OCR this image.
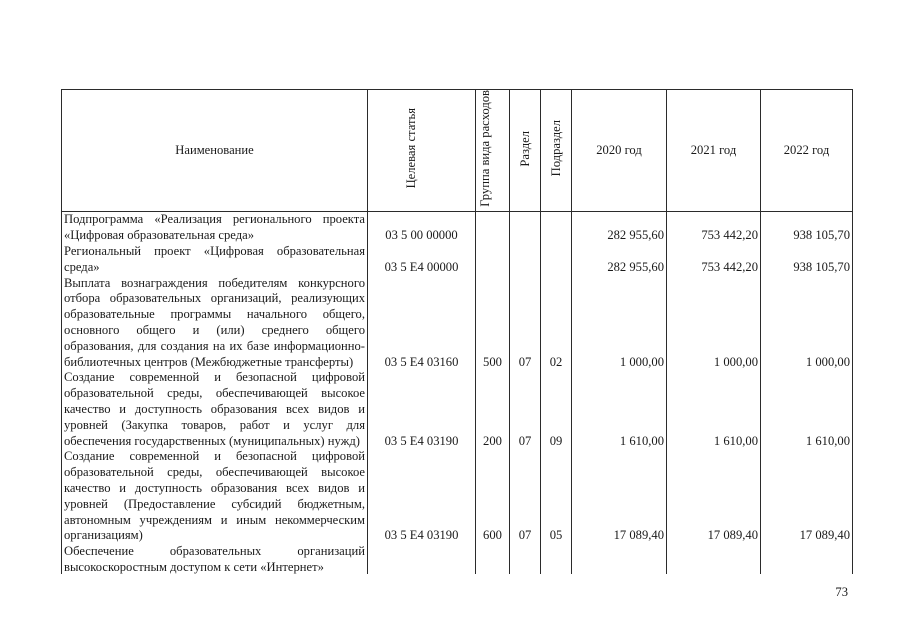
Наименование	Целевая статья	Группа вида расходов	Раздел	Подраздел	2020 год	2021 год	2022 год
Подпрограмма «Реализация регионального проекта «Цифровая образовательная среда»	03 5 00 00000				282 955,60	753 442,20	938 105,70
Региональный проект «Цифровая образовательная среда»	03 5 E4 00000				282 955,60	753 442,20	938 105,70
Выплата вознаграждения победителям конкурсного отбора образовательных организаций, реализующих образовательные программы начального общего, основного общего и (или) среднего общего образования, для создания на их базе информационно-библиотечных центров (Межбюджетные трансферты)	03 5 E4 03160	500	07	02	1 000,00	1 000,00	1 000,00
Создание современной и безопасной цифровой образовательной среды, обеспечивающей высокое качество и доступность образования всех видов и уровней (Закупка товаров, работ и услуг для обеспечения государственных (муниципальных) нужд)	03 5 E4 03190	200	07	09	1 610,00	1 610,00	1 610,00
Создание современной и безопасной цифровой образовательной среды, обеспечивающей высокое качество и доступность образования всех видов и уровней (Предоставление субсидий бюджетным, автономным учреждениям и иным некоммерческим организациям)	03 5 E4 03190	600	07	05	17 089,40	17 089,40	17 089,40
Обеспечение образовательных организаций высокоскоростным доступом к сети «Интернет»							
73
